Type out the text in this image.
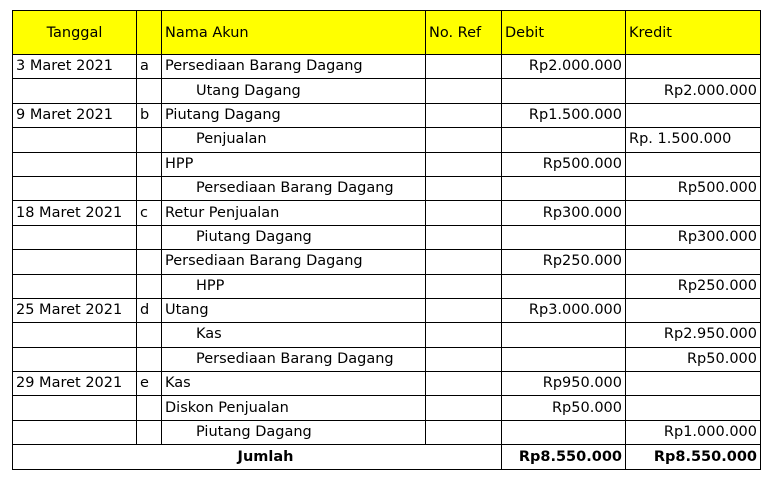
Tanggal		Nama Akun	No. Ref	Debit	Kredit
3 Maret 2021	a	Persediaan Barang Dagang		Rp2.000.000	
		Utang Dagang			Rp2.000.000
9 Maret 2021	b	Piutang Dagang		Rp1.500.000	
		Penjualan			Rp. 1.500.000
		HPP		Rp500.000	
		Persediaan Barang Dagang			Rp500.000
18 Maret 2021	c	Retur Penjualan		Rp300.000	
		Piutang Dagang			Rp300.000
		Persediaan Barang Dagang		Rp250.000	
		HPP			Rp250.000
25 Maret 2021	d	Utang		Rp3.000.000	
		Kas			Rp2.950.000
		Persediaan Barang Dagang			Rp50.000
29 Maret 2021	e	Kas		Rp950.000	
		Diskon Penjualan		Rp50.000	
		Piutang Dagang			Rp1.000.000
Jumlah				Rp8.550.000	Rp8.550.000
